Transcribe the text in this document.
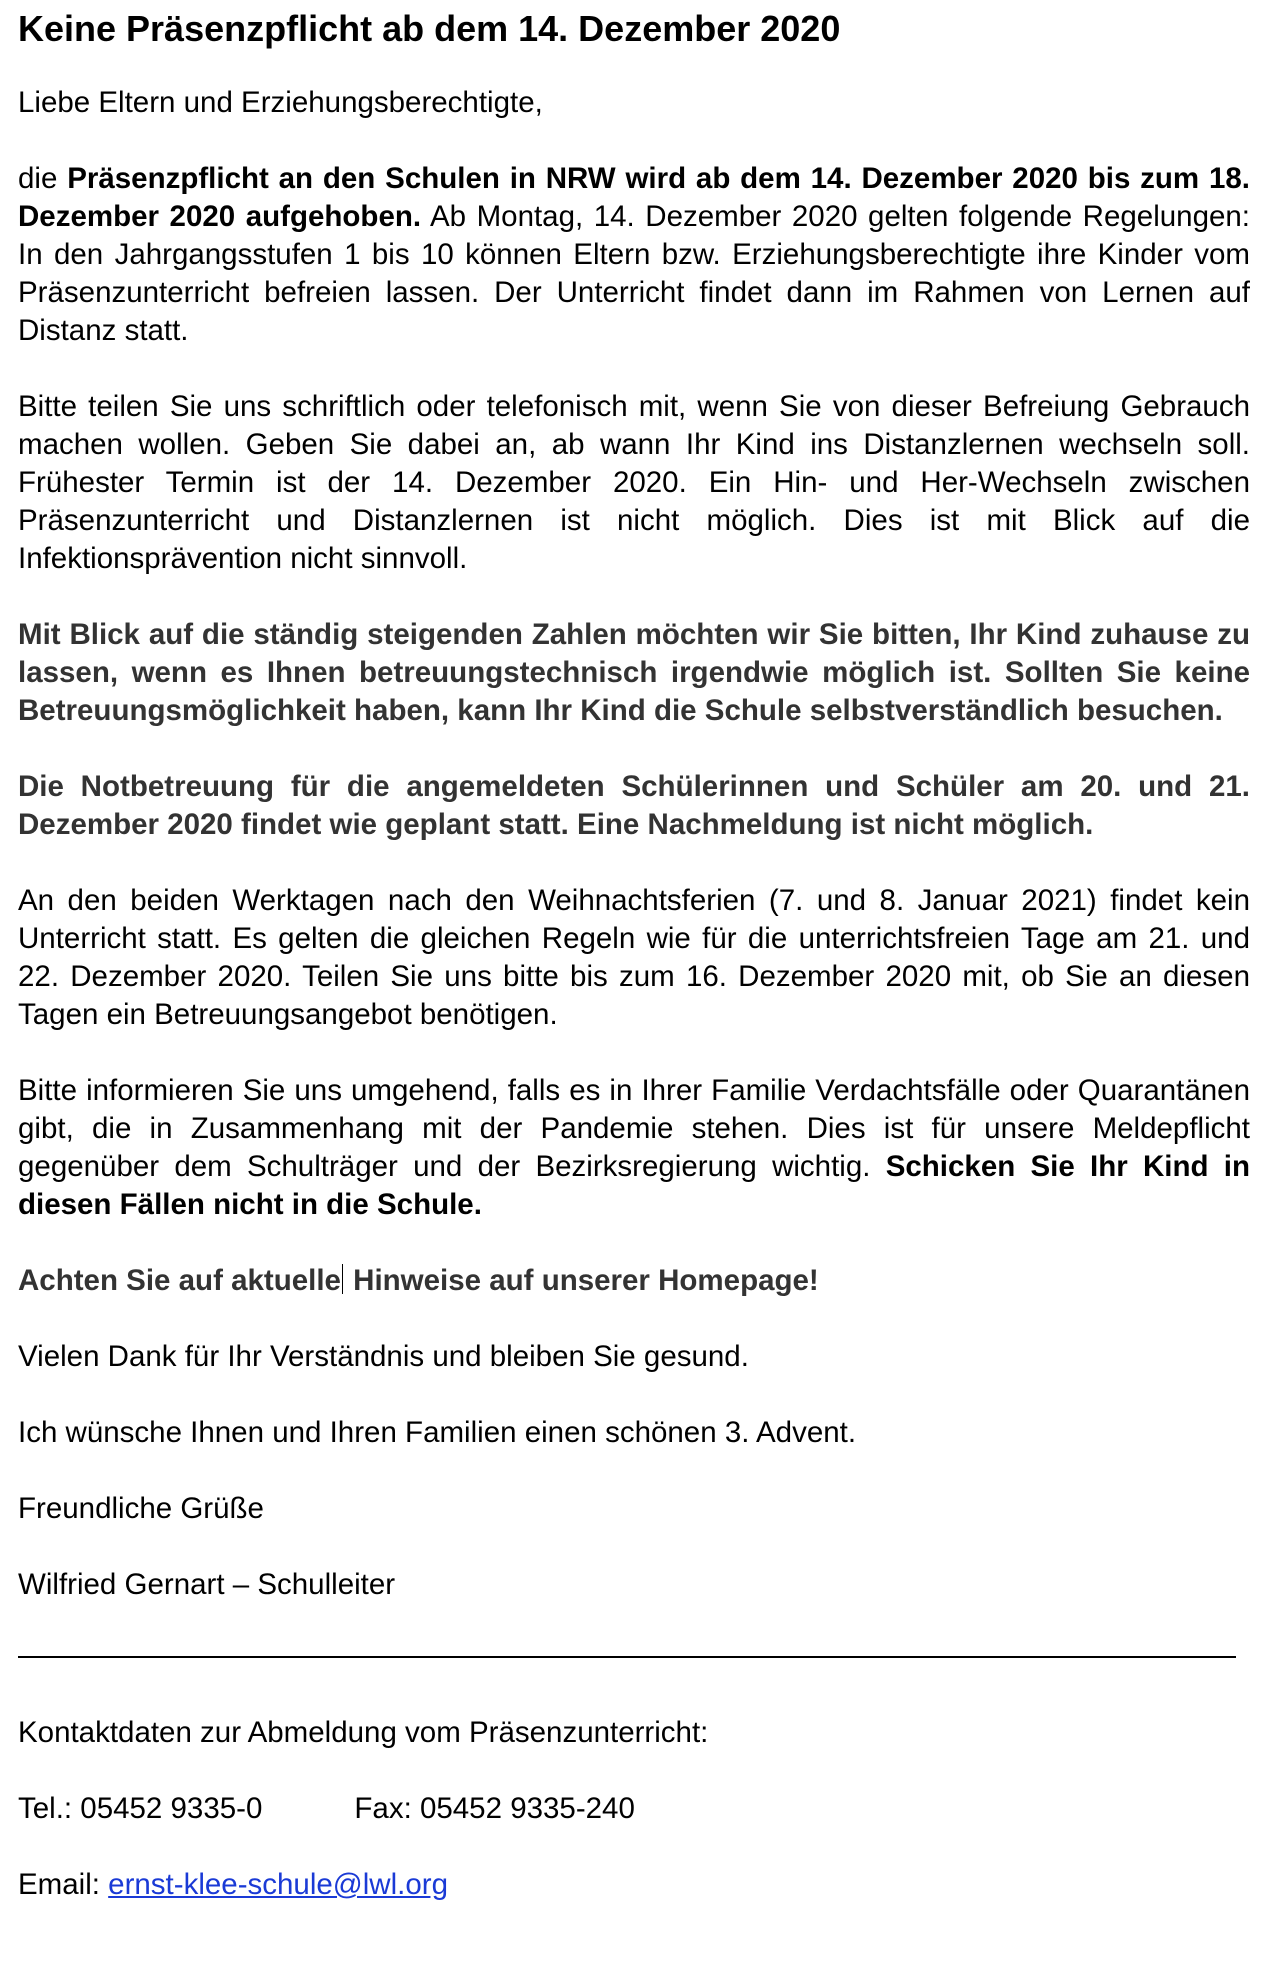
Keine Präsenzpflicht ab dem 14. Dezember 2020

Liebe Eltern und Erziehungsberechtigte,

die Präsenzpflicht an den Schulen in NRW wird ab dem 14. Dezember 2020 bis zum 18. Dezember 2020 aufgehoben. Ab Montag, 14. Dezember 2020 gelten folgende Regelungen: In den Jahrgangsstufen 1 bis 10 können Eltern bzw. Erziehungsberechtigte ihre Kinder vom Präsenzunterricht befreien lassen. Der Unterricht findet dann im Rahmen von Lernen auf Distanz statt.

Bitte teilen Sie uns schriftlich oder telefonisch mit, wenn Sie von dieser Befreiung Gebrauch machen wollen. Geben Sie dabei an, ab wann Ihr Kind ins Distanzlernen wechseln soll. Frühester Termin ist der 14. Dezember 2020. Ein Hin- und Her-Wechseln zwischen Präsenzunterricht und Distanzlernen ist nicht möglich. Dies ist mit Blick auf die Infektionsprävention nicht sinnvoll.

Mit Blick auf die ständig steigenden Zahlen möchten wir Sie bitten, Ihr Kind zuhause zu lassen, wenn es Ihnen betreuungstechnisch irgendwie möglich ist. Sollten Sie keine Betreuungsmöglichkeit haben, kann Ihr Kind die Schule selbstverständlich besuchen.

Die Notbetreuung für die angemeldeten Schülerinnen und Schüler am 20. und 21. Dezember 2020 findet wie geplant statt. Eine Nachmeldung ist nicht möglich.

An den beiden Werktagen nach den Weihnachtsferien (7. und 8. Januar 2021) findet kein Unterricht statt. Es gelten die gleichen Regeln wie für die unterrichtsfreien Tage am 21. und 22. Dezember 2020. Teilen Sie uns bitte bis zum 16. Dezember 2020 mit, ob Sie an diesen Tagen ein Betreuungsangebot benötigen.

Bitte informieren Sie uns umgehend, falls es in Ihrer Familie Verdachtsfälle oder Quarantänen gibt, die in Zusammenhang mit der Pandemie stehen. Dies ist für unsere Meldepflicht gegenüber dem Schulträger und der Bezirksregierung wichtig. Schicken Sie Ihr Kind in diesen Fällen nicht in die Schule.

Achten Sie auf aktuelle Hinweise auf unserer Homepage!

Vielen Dank für Ihr Verständnis und bleiben Sie gesund.

Ich wünsche Ihnen und Ihren Familien einen schönen 3. Advent.

Freundliche Grüße

Wilfried Gernart – Schulleiter

Kontaktdaten zur Abmeldung vom Präsenzunterricht:

Tel.: 05452 9335-0	Fax: 05452 9335-240

Email: ernst-klee-schule@lwl.org
